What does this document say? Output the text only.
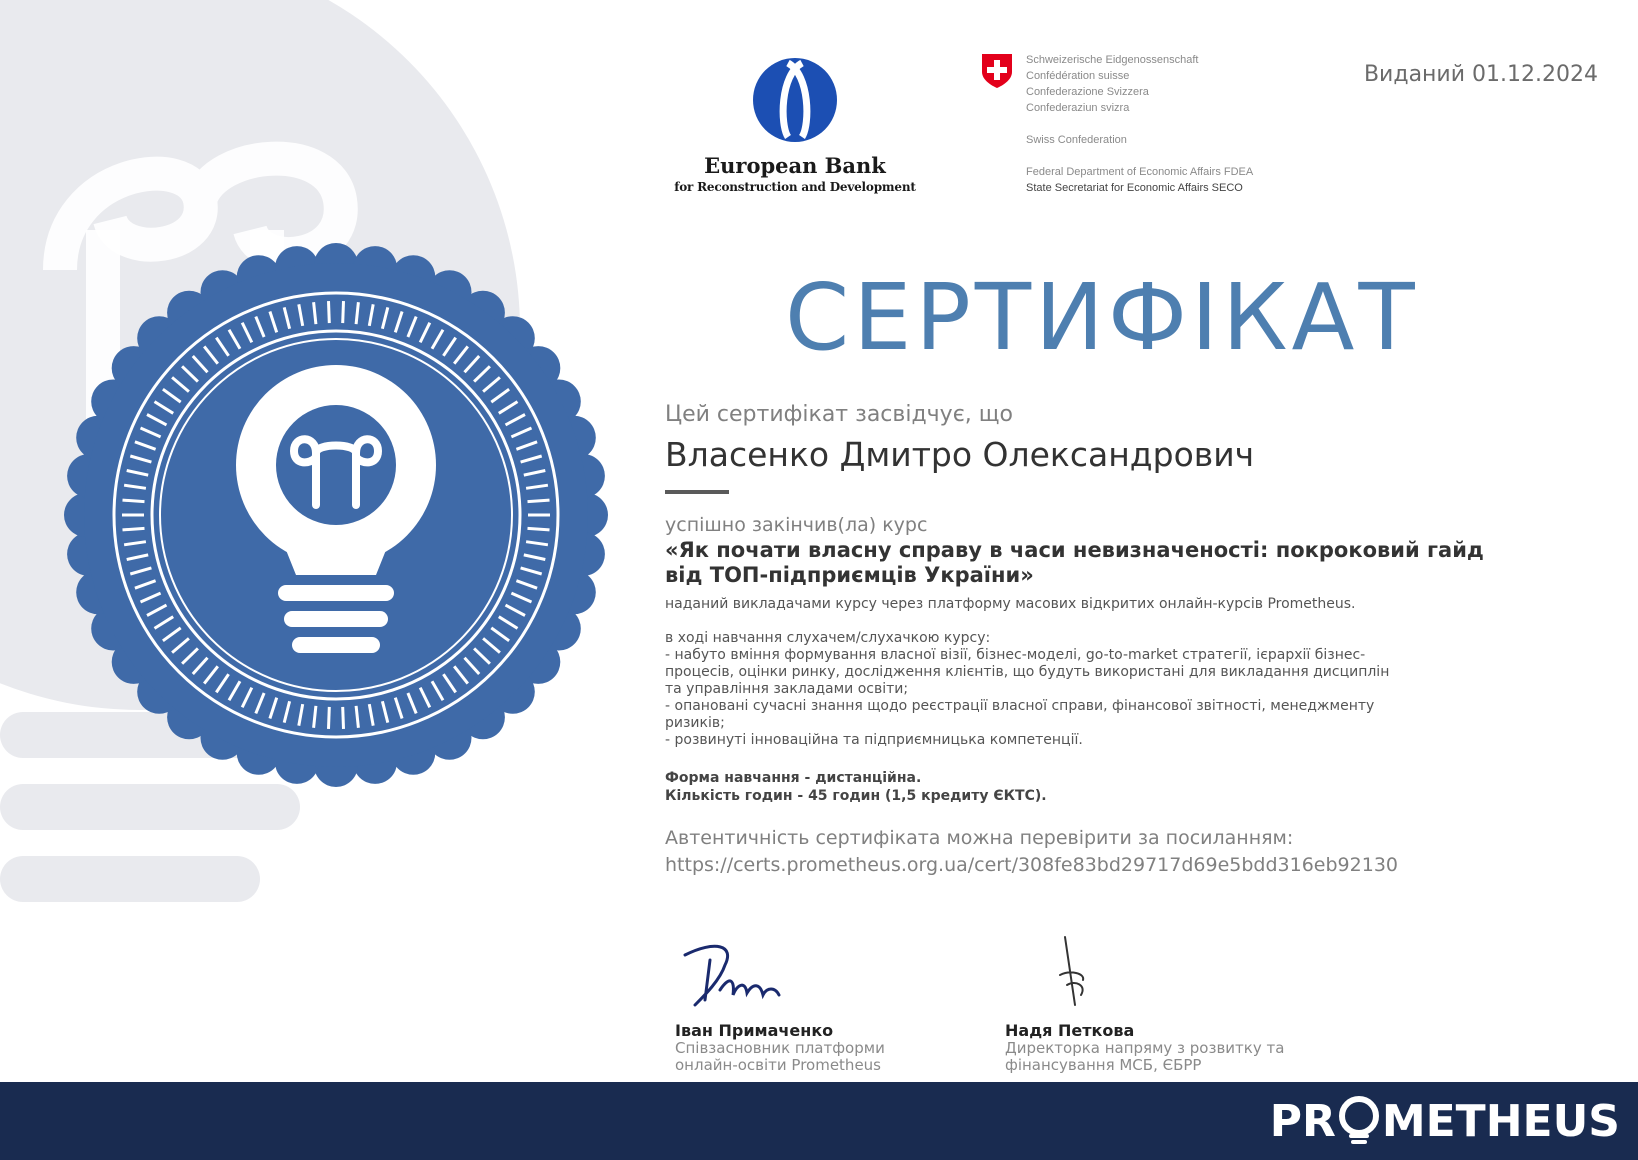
European Bank
for Reconstruction and Development
Schweizerische Eidgenossenschaft
Confédération suisse
Confederazione Svizzera
Confederaziun svizra
Swiss Confederation
Federal Department of Economic Affairs FDEA
State Secretariat for Economic Affairs SECO
Виданий 01.12.2024
СЕРТИФІКАТ
Цей сертифікат засвідчує, що
Власенко Дмитро Олександрович
успішно закінчив(ла) курс
«Як почати власну справу в часи невизначеності: покроковий гайд
від ТОП-підприємців України»
наданий викладачами курсу через платформу масових відкритих онлайн-курсів Prometheus.
в ході навчання слухачем/слухачкою курсу:
- набуто вміння формування власної візії, бізнес-моделі, go-to-market стратегії, ієрархії бізнес-
процесів, оцінки ринку, дослідження клієнтів, що будуть використані для викладання дисциплін
та управління закладами освіти;
- опановані сучасні знання щодо реєстрації власної справи, фінансової звітності, менеджменту
ризиків;
- розвинуті інноваційна та підприємницька компетенції.
Форма навчання - дистанційна.
Кількість годин - 45 годин (1,5 кредиту ЄКТС).
Автентичність сертифіката можна перевірити за посиланням:
https://certs.prometheus.org.ua/cert/308fe83bd29717d69e5bdd316eb92130
Іван Примаченко
Співзасновник платформи
онлайн-освіти Prometheus
Надя Петкова
Директорка напряму з розвитку та
фінансування МСБ, ЄБРР
PR METHEUS
